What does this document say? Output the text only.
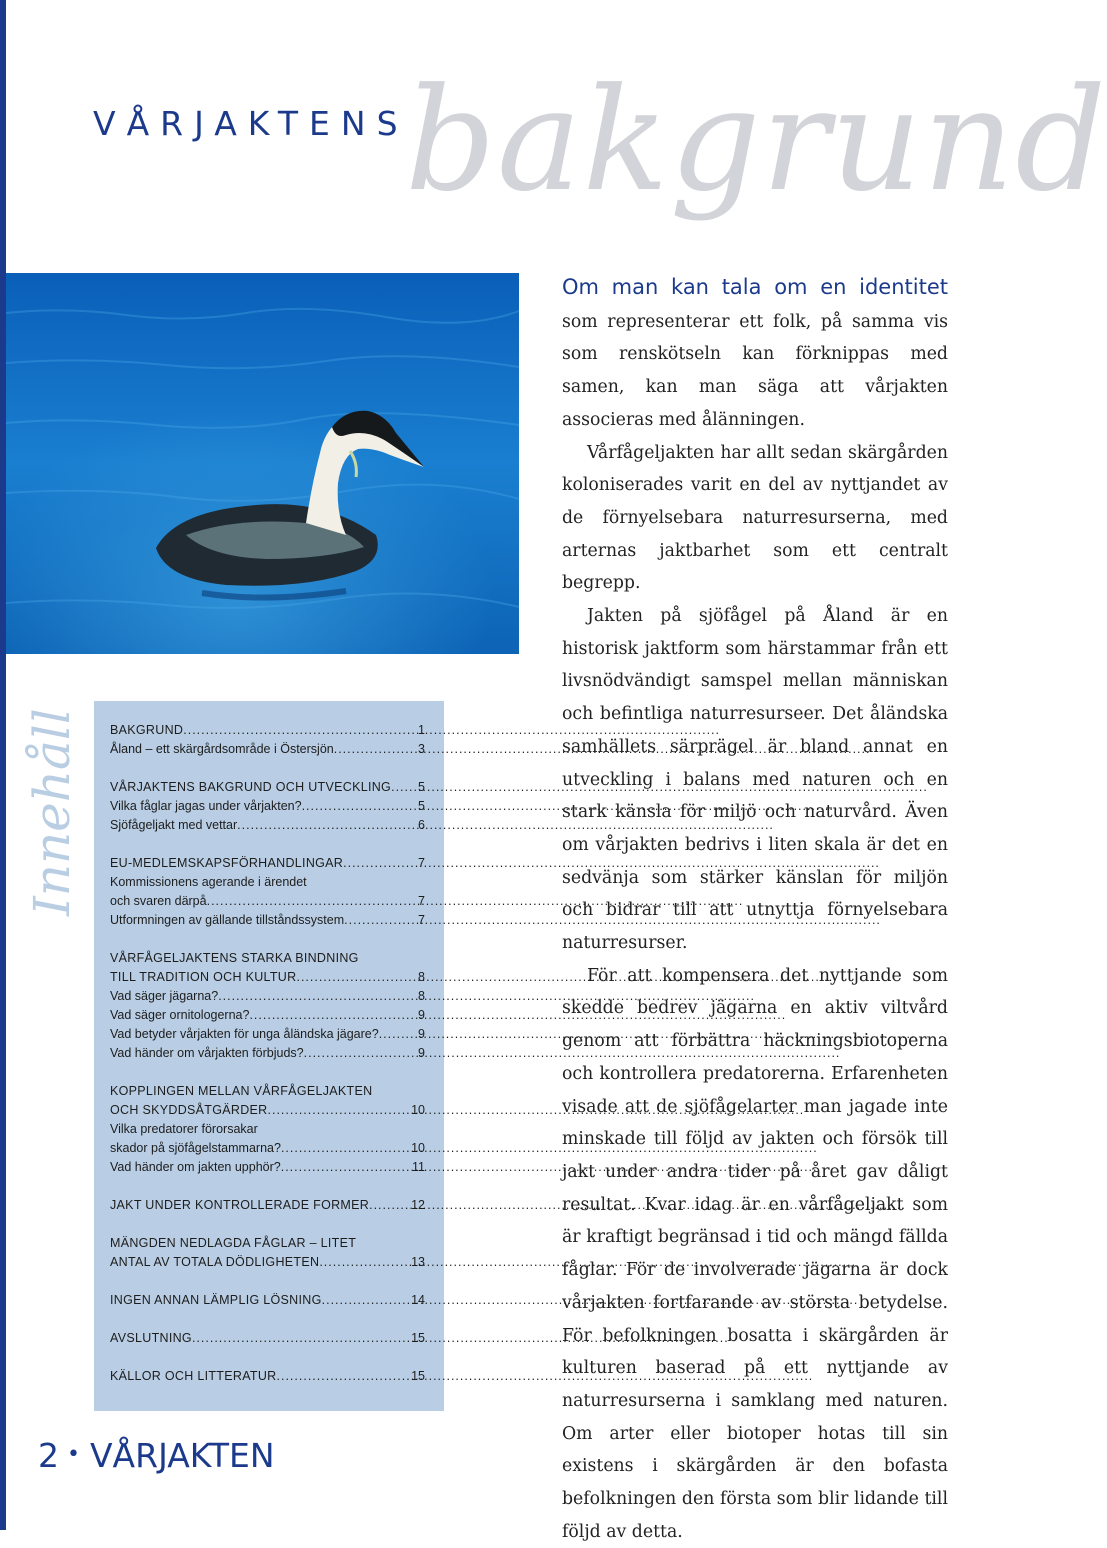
bakgrund
VÅRJAKTENS
Innehåll BAKGRUND .....	1
Åland – ett skärgårdsområde i Östersjön .....	3
VÅRJAKTENS BAKGRUND OCH UTVECKLING .....	5
Vilka fåglar jagas under vårjakten? .....	5
Sjöfågeljakt med vettar .....	6
EU-MEDLEMSKAPSFÖRHANDLINGAR .....	7
Kommissionens agerande i ärendet
och svaren därpå .....	7
Utformningen av gällande tillståndssystem .....	7
VÅRFÅGELJAKTENS STARKA BINDNING
TILL TRADITION OCH KULTUR .....	8
Vad säger jägarna? .....	8
Vad säger ornitologerna? .....	9
Vad betyder vårjakten för unga åländska jägare? .....	9
Vad händer om vårjakten förbjuds? .....	9
KOPPLINGEN MELLAN VÅRFÅGELJAKTEN
OCH SKYDDSÅTGÄRDER .....	10
Vilka predatorer förorsakar
skador på sjöfågelstammarna? .....	10
Vad händer om jakten upphör? .....	11
JAKT UNDER KONTROLLERADE FORMER .....	12
MÄNGDEN NEDLAGDA FÅGLAR – LITET
ANTAL AV TOTALA DÖDLIGHETEN .....	13
INGEN ANNAN LÄMPLIG LÖSNING .....	14
AVSLUTNING .....	15
KÄLLOR OCH LITTERATUR .....	15

Om man kan tala om en identitet som representerar ett folk, på samma vis som renskötseln kan förknippas med samen, kan man säga att vårjakten associeras med ålänningen.

Vårfågeljakten har allt sedan skärgården koloniserades varit en del av nyttjandet av de förnyelsebara naturresurserna, med arternas jaktbarhet som ett centralt begrepp.

Jakten på sjöfågel på Åland är en historisk jaktform som härstammar från ett livsnödvändigt samspel mellan människan och befintliga naturresurseer. Det åländska samhällets särprägel är bland annat en utveckling i balans med naturen och en stark känsla för miljö och naturvård. Även om vårjakten bedrivs i liten skala är det en sedvänja som stärker känslan för miljön och bidrar till att utnyttja förnyelsebara naturresurser.

För att kompensera det nyttjande som skedde bedrev jägarna en aktiv viltvård genom att förbättra häckningsbiotoperna och kontrollera predatorerna. Erfarenheten visade att de sjöfågelarter man jagade inte minskade till följd av jakten och försök till jakt under andra tider på året gav dåligt resultat. Kvar idag är en vårfågeljakt som är kraftigt begränsad i tid och mängd fällda fåglar. För de involverade jägarna är dock vårjakten fortfarande av största betydelse. För befolkningen bosatta i skärgården är kulturen baserad på ett nyttjande av naturresurserna i samklang med naturen. Om arter eller biotoper hotas till sin existens i skärgården är den bofasta befolkningen den första som blir lidande till följd av detta.

2 • VÅRJAKTEN
